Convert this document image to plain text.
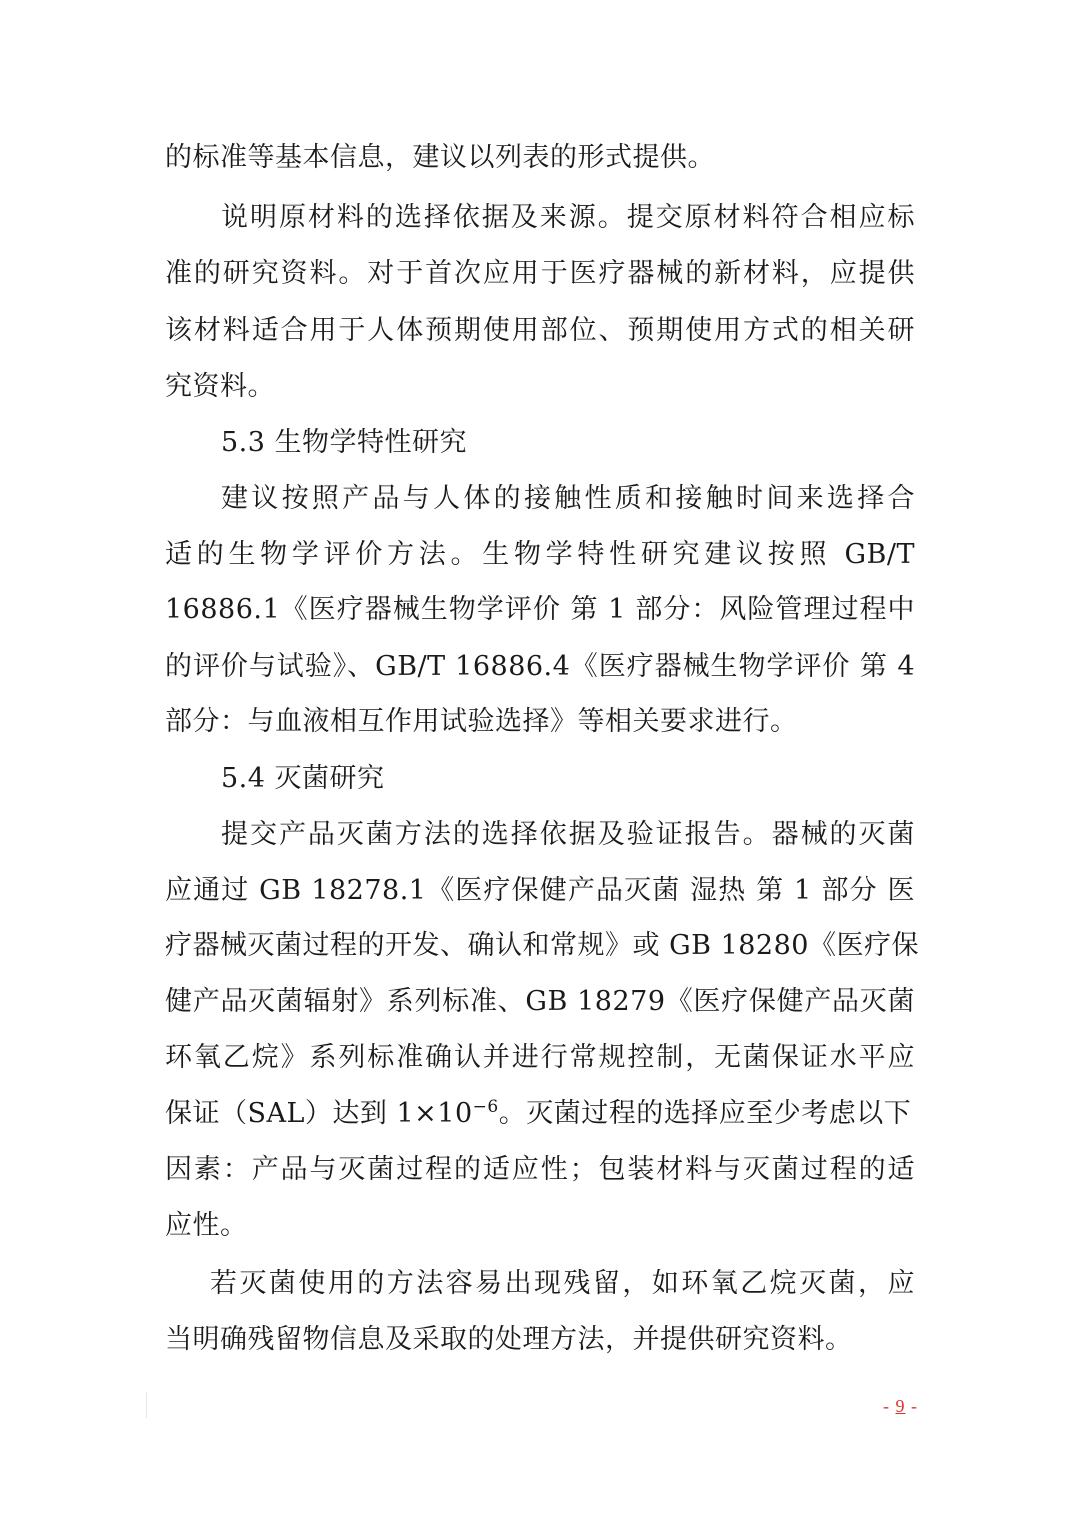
的标准等基本信息，建议以列表的形式提供。
说明原材料的选择依据及来源。提交原材料符合相应标
准的研究资料。对于首次应用于医疗器械的新材料，应提供
该材料适合用于人体预期使用部位、预期使用方式的相关研
究资料。
5.3 生物学特性研究
建议按照产品与人体的接触性质和接触时间来选择合
适的生物学评价方法。生物学特性研究建议按照 GB/T
16886.1《医疗器械生物学评价 第 1 部分：风险管理过程中
的评价与试验》、GB/T 16886.4《医疗器械生物学评价 第 4
部分：与血液相互作用试验选择》等相关要求进行。
5.4 灭菌研究
提交产品灭菌方法的选择依据及验证报告。器械的灭菌
应通过 GB 18278.1《医疗保健产品灭菌 湿热 第 1 部分 医
疗器械灭菌过程的开发、确认和常规》或 GB 18280《医疗保
健产品灭菌辐射》系列标准、GB 18279《医疗保健产品灭菌
环氧乙烷》系列标准确认并进行常规控制，无菌保证水平应
保证（SAL）达到 $1\times 10^{-6}$。灭菌过程的选择应至少考虑以下
因素：产品与灭菌过程的适应性；包装材料与灭菌过程的适
应性。
若灭菌使用的方法容易出现残留，如环氧乙烷灭菌，应
当明确残留物信息及采取的处理方法，并提供研究资料。
- 9 -
